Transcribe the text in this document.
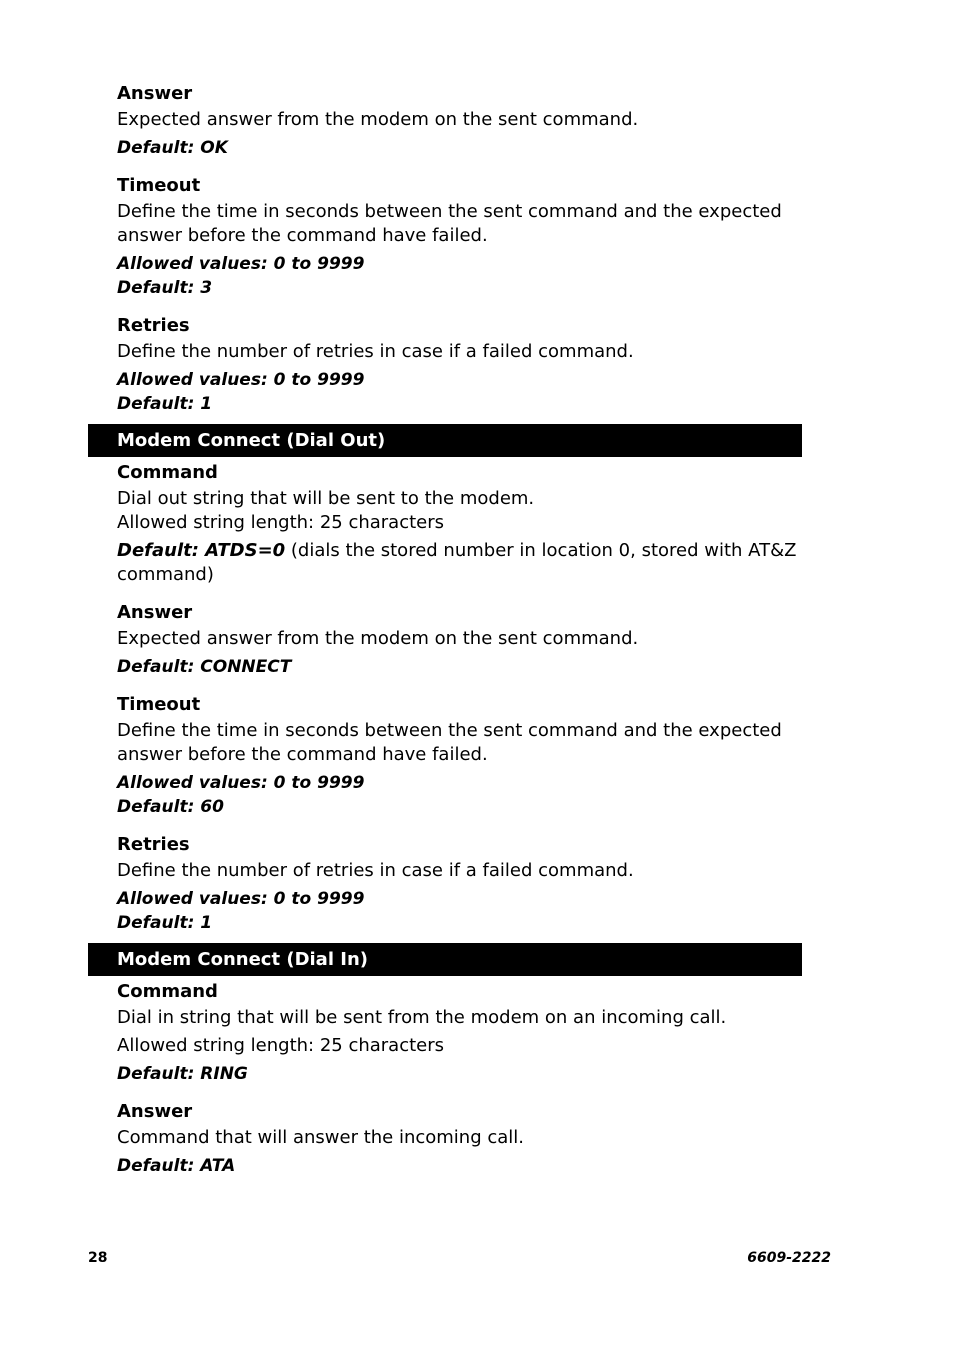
Answer

Expected answer from the modem on the sent command.

Default: OK

Timeout

Define the time in seconds between the sent command and the expected answer before the command have failed.

Allowed values: 0 to 9999

Default: 3

Retries

Define the number of retries in case if a failed command.

Allowed values: 0 to 9999

Default: 1

Modem Connect (Dial Out)
Command

Dial out string that will be sent to the modem.

Allowed string length: 25 characters

Default: ATDS=0 (dials the stored number in location 0, stored with AT&Z command)

Answer

Expected answer from the modem on the sent command.

Default: CONNECT

Timeout

Define the time in seconds between the sent command and the expected answer before the command have failed.

Allowed values: 0 to 9999

Default: 60

Retries

Define the number of retries in case if a failed command.

Allowed values: 0 to 9999

Default: 1

Modem Connect (Dial In)
Command

Dial in string that will be sent from the modem on an incoming call.

Allowed string length: 25 characters

Default: RING

Answer

Command that will answer the incoming call.

Default: ATA

28	6609-2222
